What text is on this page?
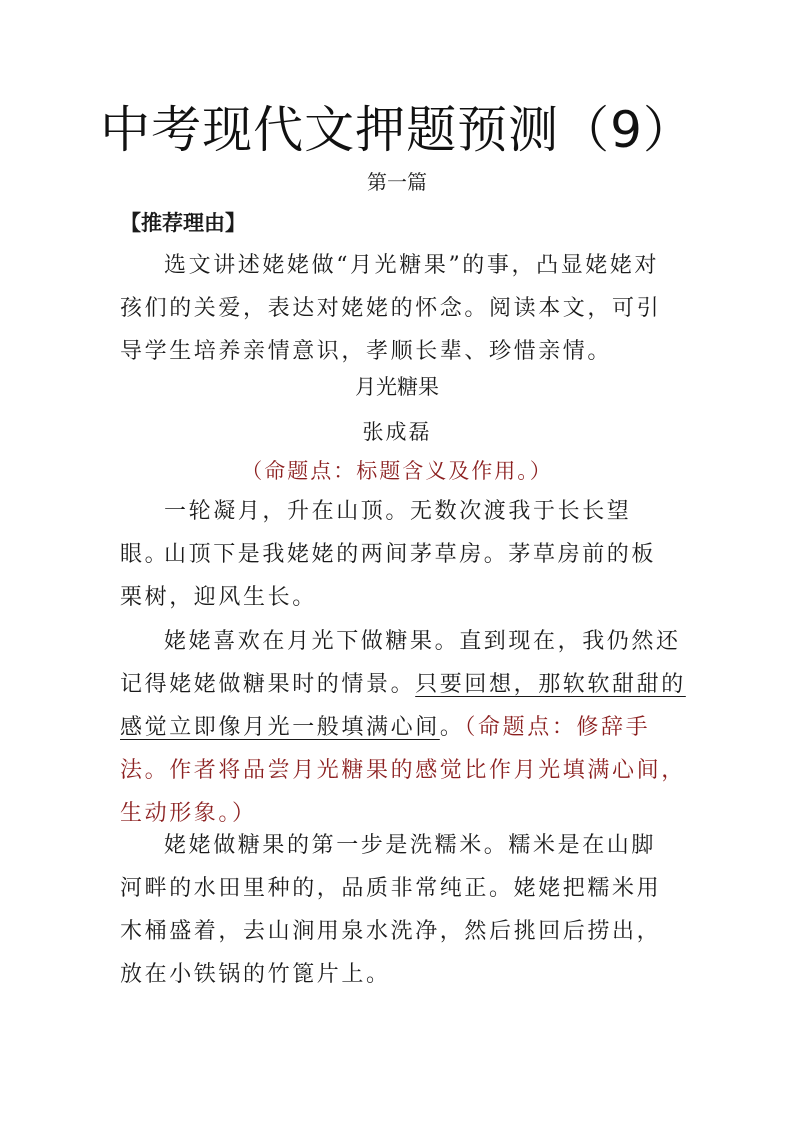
中考现代文押题预测（9）
第一篇
【推荐理由】
选文讲述姥姥做“月光糖果”的事，凸显姥姥对孩们的关爱，表达对姥姥的怀念。阅读本文，可引导学生培养亲情意识，孝顺长辈、珍惜亲情。
月光糖果
张成磊
（命题点：标题含义及作用。）
一轮凝月，升在山顶。无数次渡我于长长望眼。
山顶下是我姥姥的两间茅草房。茅草房前的板栗树，迎风生长。
姥姥喜欢在月光下做糖果。直到现在，我仍然还记得姥姥做糖果时的情景。只要回想，那软软甜甜的感觉立即像月光一般填满心间。（命题点：修辞手法。作者将品尝月光糖果的感觉比作月光填满心间，生动形象。）
姥姥做糖果的第一步是洗糯米。糯米是在山脚河畔的水田里种的，品质非常纯正。姥姥把糯米用木桶盛着，去山涧用泉水洗净，然后挑回后捞出，放在小铁锅的竹篦片上。
